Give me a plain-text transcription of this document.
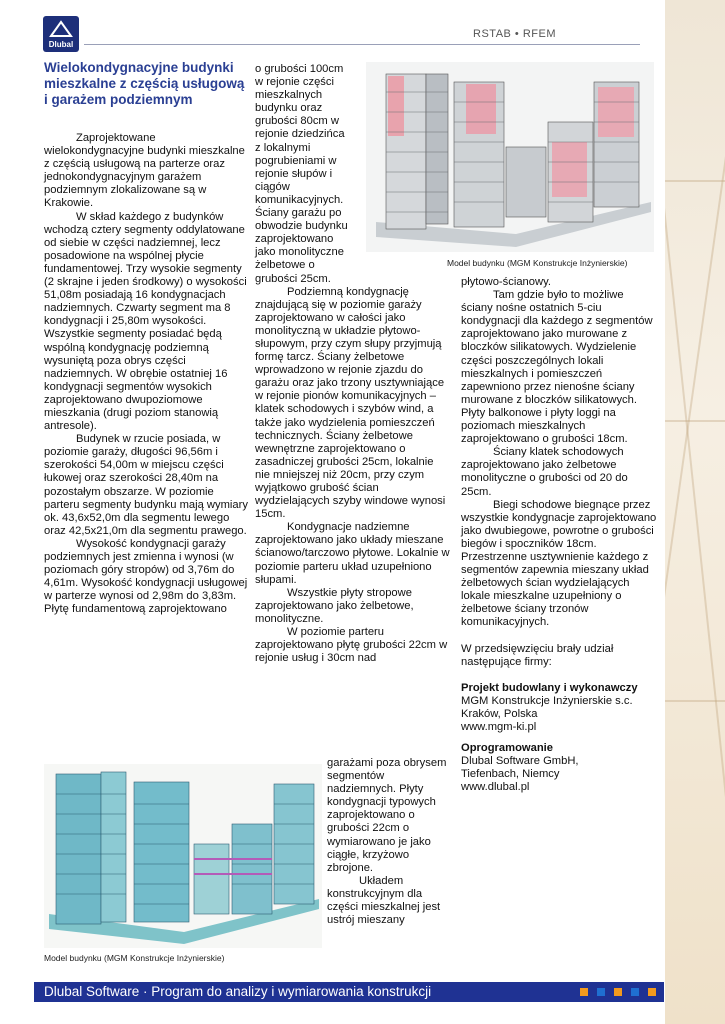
Dlubal
RSTAB • RFEM
Wielokondygnacyjne budynki mieszkalne z częścią usługową i garażem podziemnym

Zaprojektowane wielokondygnacyjne budynki mieszkalne z częścią usługową na parterze oraz jednokondygnacyjnym garażem podziemnym zlokalizowane są w Krakowie.

W skład każdego z budynków wchodzą cztery segmenty oddylatowane od siebie w części nadziemnej, lecz posadowione na wspólnej płycie fundamentowej. Trzy wysokie segmenty (2 skrajne i jeden środkowy) o wysokości 51,08m posiadają 16 kondygnacjach nadziemnych. Czwarty segment ma 8 kondygnacji i 25,80m wysokości. Wszystkie segmenty posiadać będą wspólną kondygnację podziemną wysuniętą poza obrys części nadziemnych. W obrębie ostatniej 16 kondygnacji segmentów wysokich zaprojektowano dwupoziomowe mieszkania (drugi poziom stanowią antresole).

Budynek w rzucie posiada, w poziomie garaży, długości 96,56m i szerokości 54,00m w miejscu części łukowej oraz szerokości 28,40m na pozostałym obszarze. W poziomie parteru segmenty budynku mają wymiary ok. 43,6x52,0m dla segmentu lewego oraz 42,5x21,0m dla segmentu prawego.

Wysokość kondygnacji garaży podziemnych jest zmienna i wynosi (w poziomach góry stropów) od 3,76m do 4,61m. Wysokość kondygnacji usługowej w parterze wynosi od 2,98m do 3,83m. Płytę fundamentową zaprojektowano

o grubości 100cm w rejonie części mieszkalnych budynku oraz grubości 80cm w rejonie dziedzińca z lokalnymi pogrubieniami w rejonie słupów i ciągów komunikacyjnych. Ściany garażu po obwodzie budynku zaprojektowano jako monolityczne żelbetowe o grubości 25cm.

Podziemną kondygnację znajdującą się w poziomie garaży zaprojektowano w całości jako monolityczną w układzie płytowo-słupowym, przy czym słupy przyjmują formę tarcz. Ściany żelbetowe wprowadzono w rejonie zjazdu do garażu oraz jako trzony usztywniające w rejonie pionów komunikacyjnych – klatek schodowych i szybów wind, a także jako wydzielenia pomieszczeń technicznych. Ściany żelbetowe wewnętrzne zaprojektowano o zasadniczej grubości 25cm, lokalnie nie mniejszej niż 20cm, przy czym wyjątkowo grubość ścian wydzielających szyby windowe wynosi 15cm.

Kondygnacje nadziemne zaprojektowano jako układy mieszane ścianowo/tarczowo płytowe. Lokalnie w poziomie parteru układ uzupełniono słupami.

Wszystkie płyty stropowe zaprojektowano jako żelbetowe, monolityczne.

W poziomie parteru zaprojektowano płytę grubości 22cm w rejonie usług i 30cm nad

garażami poza obrysem segmentów nadziemnych. Płyty kondygnacji typowych zaprojektowano o grubości 22cm o wymiarowano je jako ciągłe, krzyżowo zbrojone.

Układem konstrukcyjnym dla części mieszkalnej jest ustrój mieszany

płytowo-ścianowy.

Tam gdzie było to możliwe ściany nośne ostatnich 5-ciu kondygnacji dla każdego z segmentów zaprojektowano jako murowane z bloczków silikatowych. Wydzielenie części poszczególnych lokali mieszkalnych i pomieszczeń zapewniono przez nienośne ściany murowane z bloczków silikatowych. Płyty balkonowe i płyty loggi na poziomach mieszkalnych zaprojektowano o grubości 18cm.

Ściany klatek schodowych zaprojektowano jako żelbetowe monolityczne o grubości od 20 do 25cm.

Biegi schodowe biegnące przez wszystkie kondygnacje zaprojektowano jako dwubiegowe, powrotne o grubości biegów i spoczników 18cm.

Przestrzenne usztywnienie każdego z segmentów zapewnia mieszany układ żelbetowych ścian wydzielających lokale mieszkalne uzupełniony o żelbetowe ściany trzonów komunikacyjnych.

W przedsięwzięciu brały udział następujące firmy:

Projekt budowlany i wykonawczy

MGM Konstrukcje Inżynierskie s.c.

Kraków, Polska

www.mgm-ki.pl

Oprogramowanie

Dlubal Software GmbH,

Tiefenbach, Niemcy

www.dlubal.pl

Model budynku (MGM Konstrukcje Inżynierskie)
Model budynku (MGM Konstrukcje Inżynierskie)
Dlubal Software · Program do analizy i wymiarowania konstrukcji
